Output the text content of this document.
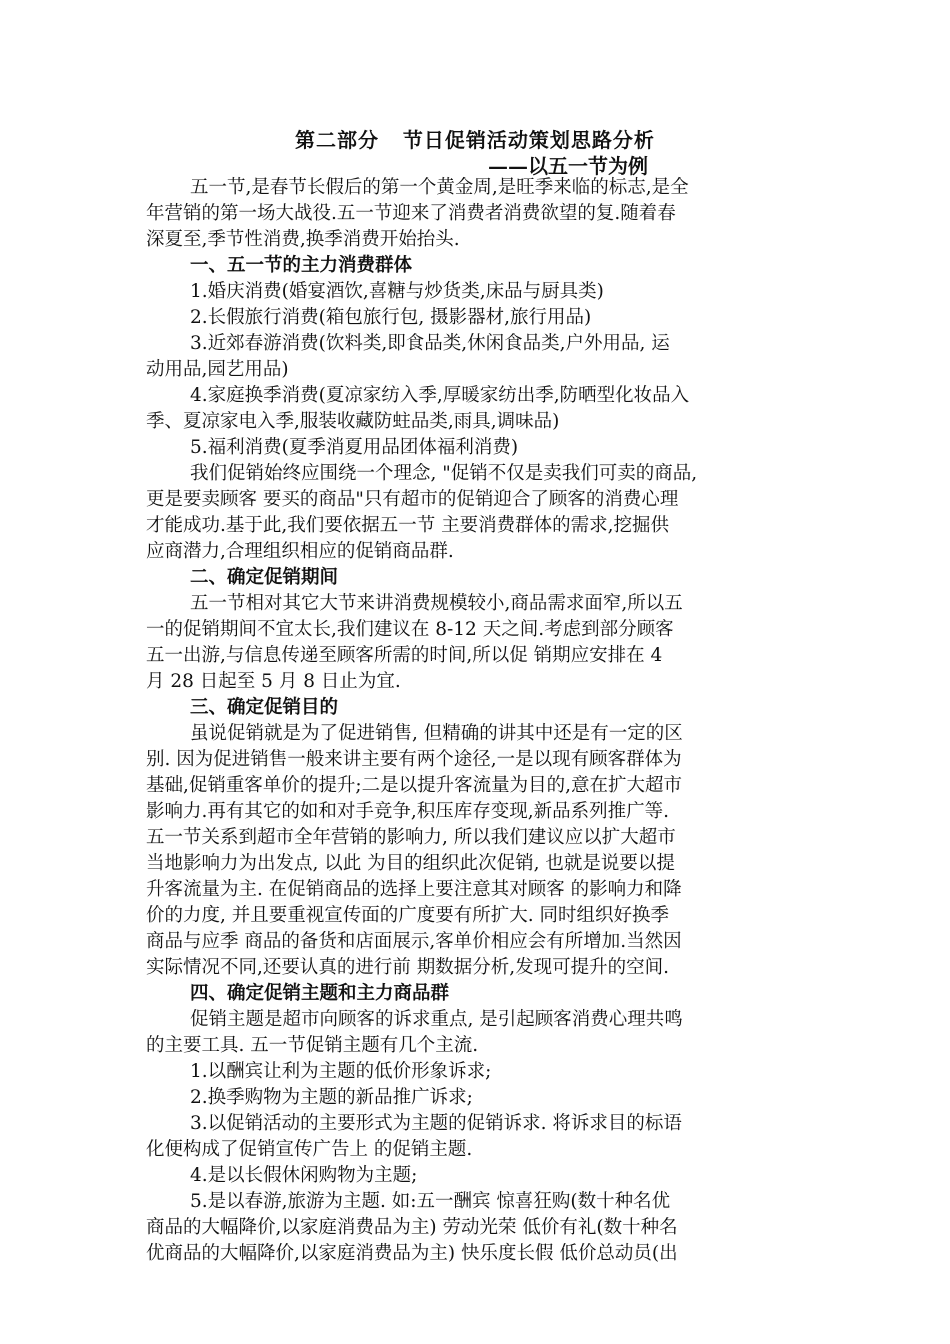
第二部分   节日促销活动策划思路分析
——以五一节为例
五一节,是春节长假后的第一个黄金周,是旺季来临的标志,是全
年营销的第一场大战役.五一节迎来了消费者消费欲望的复.随着春
深夏至,季节性消费,换季消费开始抬头.
一、五一节的主力消费群体
1.婚庆消费(婚宴酒饮,喜糖与炒货类,床品与厨具类)
2.长假旅行消费(箱包旅行包, 摄影器材,旅行用品)
3.近郊春游消费(饮料类,即食品类,休闲食品类,户外用品, 运
动用品,园艺用品)
4.家庭换季消费(夏凉家纺入季,厚暖家纺出季,防晒型化妆品入
季、夏凉家电入季,服装收藏防蛀品类,雨具,调味品)
5.福利消费(夏季消夏用品团体福利消费)
我们促销始终应围绕一个理念, "促销不仅是卖我们可卖的商品,
更是要卖顾客 要买的商品"只有超市的促销迎合了顾客的消费心理
才能成功.基于此,我们要依据五一节 主要消费群体的需求,挖掘供
应商潜力,合理组织相应的促销商品群.
二、确定促销期间
五一节相对其它大节来讲消费规模较小,商品需求面窄,所以五
一的促销期间不宜太长,我们建议在 8-12 天之间.考虑到部分顾客
五一出游,与信息传递至顾客所需的时间,所以促 销期应安排在 4
月 28 日起至 5 月 8 日止为宜.
三、确定促销目的
虽说促销就是为了促进销售, 但精确的讲其中还是有一定的区
别. 因为促进销售一般来讲主要有两个途径,一是以现有顾客群体为
基础,促销重客单价的提升;二是以提升客流量为目的,意在扩大超市
影响力.再有其它的如和对手竞争,积压库存变现,新品系列推广等.
五一节关系到超市全年营销的影响力, 所以我们建议应以扩大超市
当地影响力为出发点, 以此 为目的组织此次促销, 也就是说要以提
升客流量为主. 在促销商品的选择上要注意其对顾客 的影响力和降
价的力度, 并且要重视宣传面的广度要有所扩大. 同时组织好换季
商品与应季 商品的备货和店面展示,客单价相应会有所增加.当然因
实际情况不同,还要认真的进行前 期数据分析,发现可提升的空间.
四、确定促销主题和主力商品群
促销主题是超市向顾客的诉求重点, 是引起顾客消费心理共鸣
的主要工具. 五一节促销主题有几个主流.
1.以酬宾让利为主题的低价形象诉求;
2.换季购物为主题的新品推广诉求;
3.以促销活动的主要形式为主题的促销诉求. 将诉求目的标语
化便构成了促销宣传广告上 的促销主题.
4.是以长假休闲购物为主题;
5.是以春游,旅游为主题. 如:五一酬宾 惊喜狂购(数十种名优
商品的大幅降价,以家庭消费品为主) 劳动光荣 低价有礼(数十种名
优商品的大幅降价,以家庭消费品为主) 快乐度长假 低价总动员(出
